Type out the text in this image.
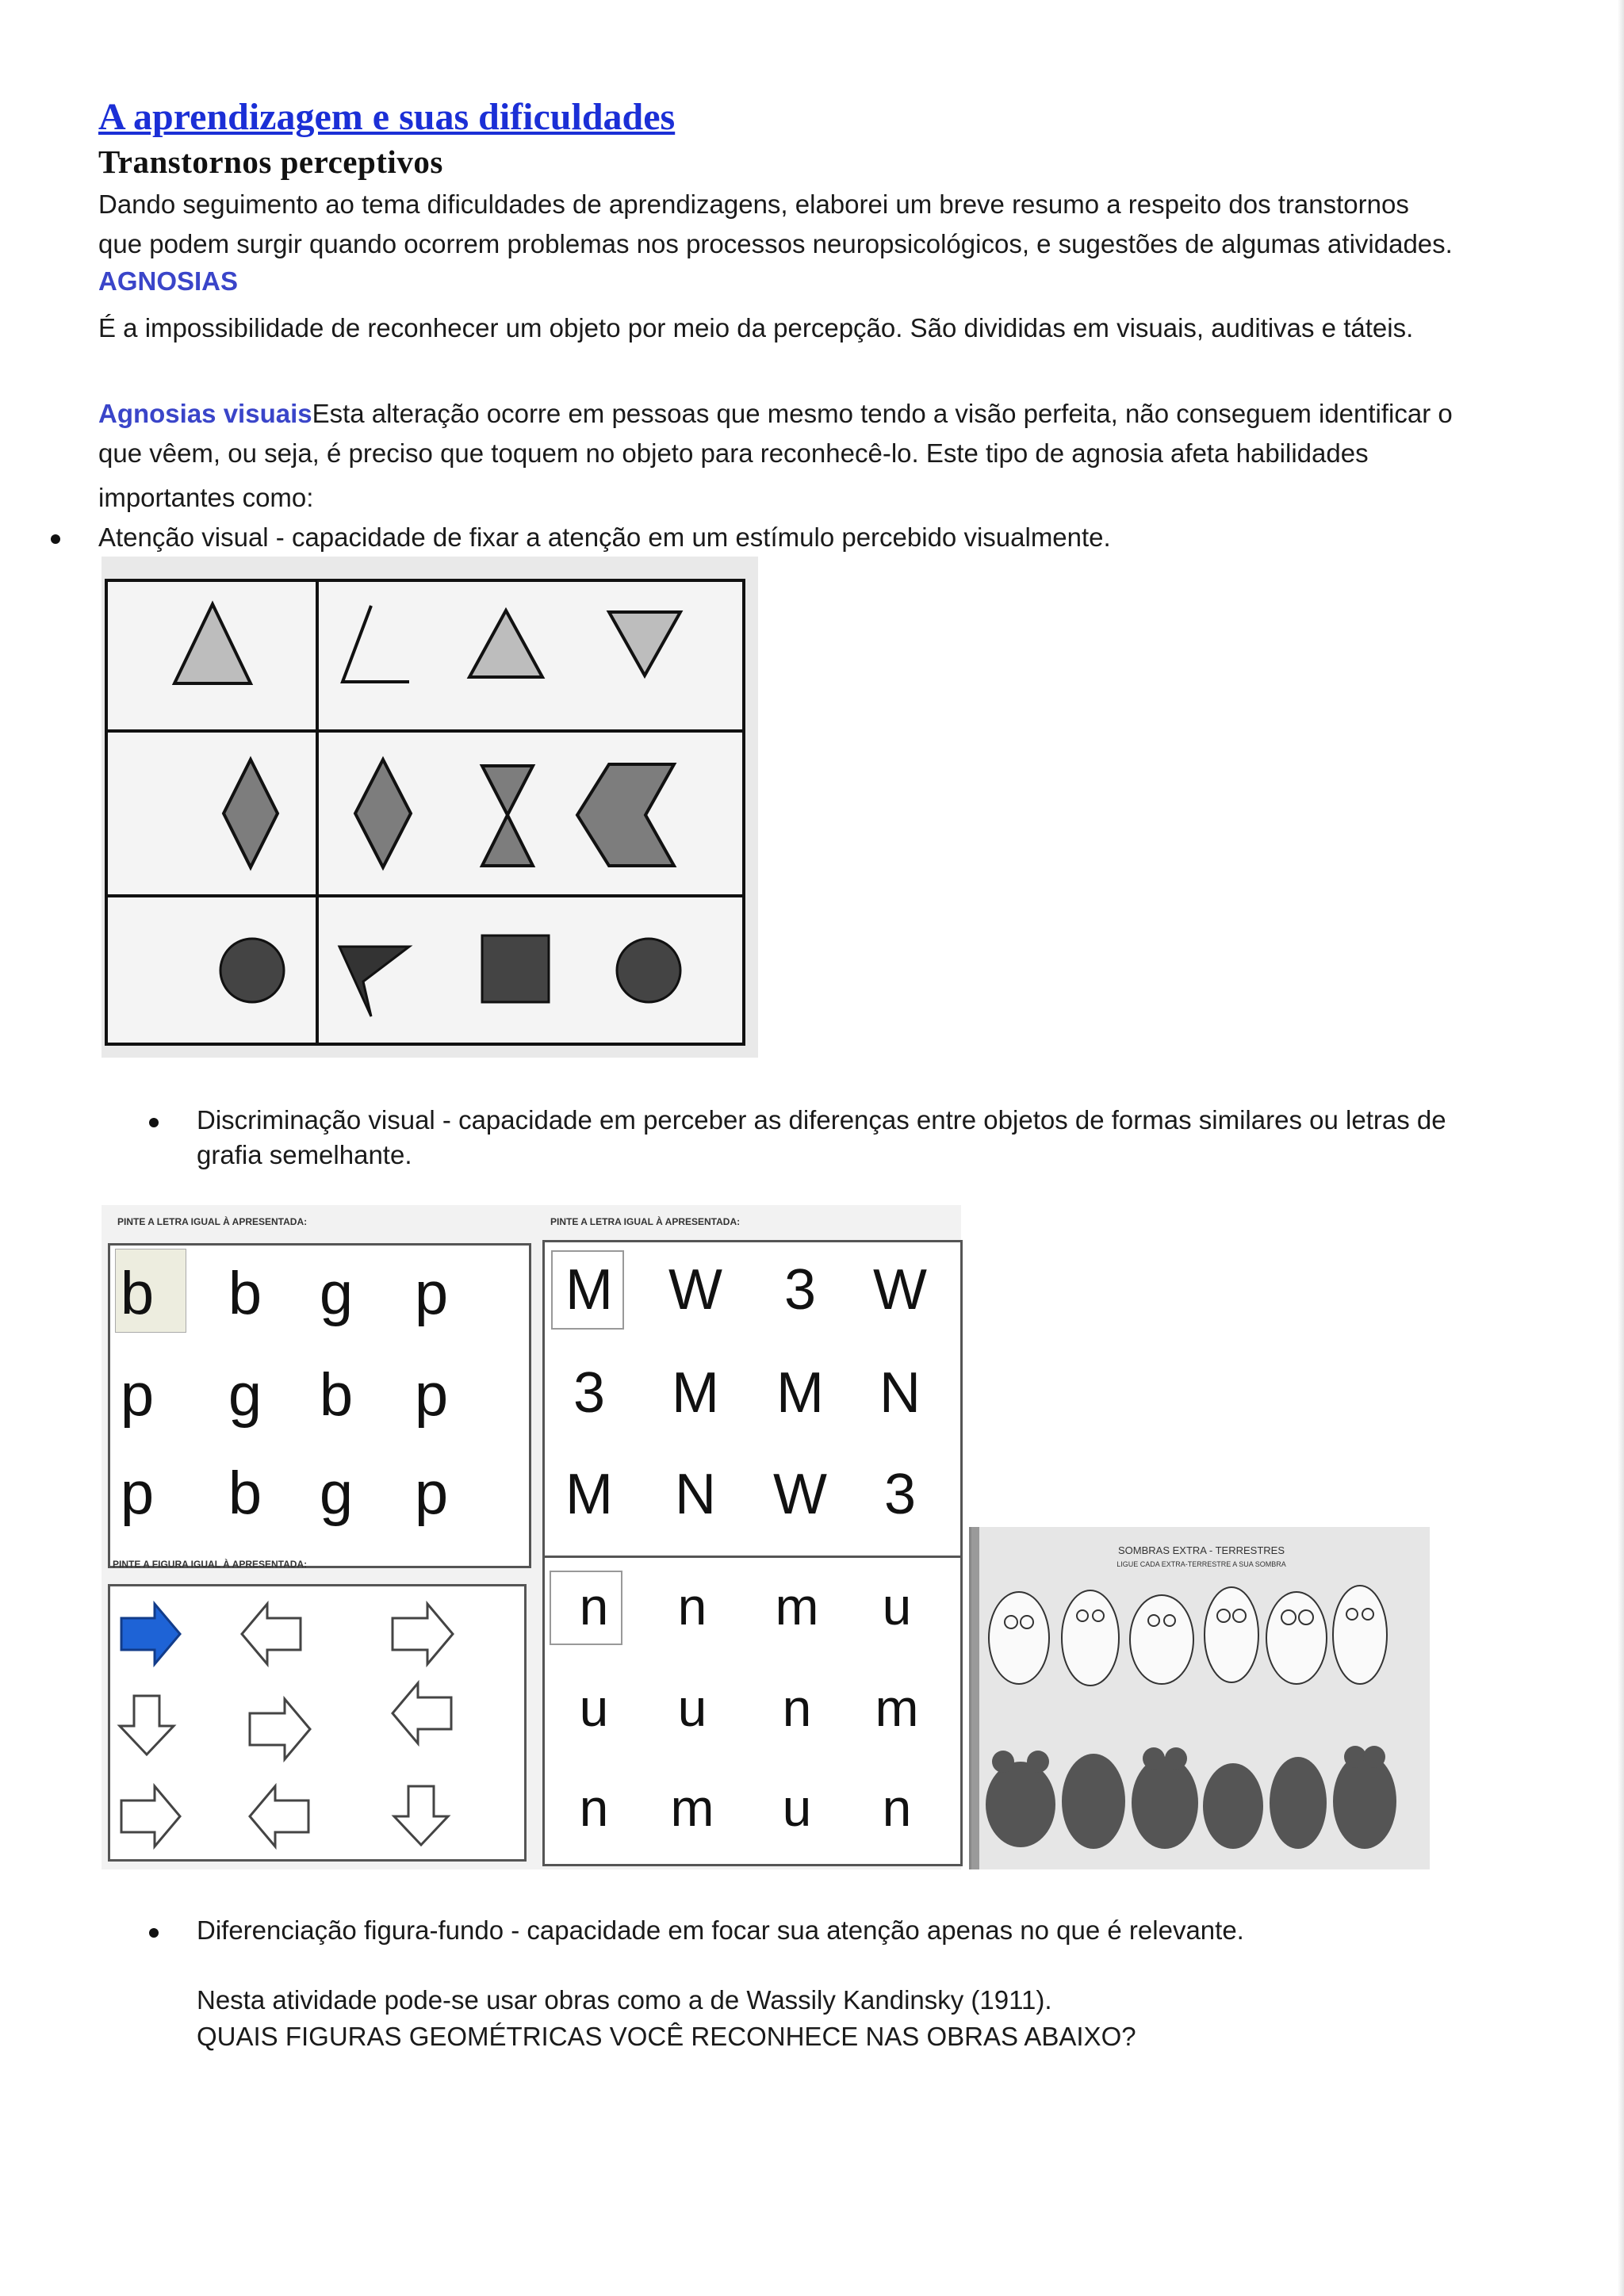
A aprendizagem e suas dificuldades
Transtornos perceptivos
Dando seguimento ao tema dificuldades de aprendizagens, elaborei um breve resumo a respeito dos transtornos
que podem surgir quando ocorrem problemas nos processos neuropsicológicos, e sugestões de algumas atividades.
AGNOSIAS
É a impossibilidade de reconhecer um objeto por meio da percepção. São divididas em visuais, auditivas e táteis.
Agnosias visuaisEsta alteração ocorre em pessoas que mesmo tendo a visão perfeita, não conseguem identificar o
que vêem, ou seja, é preciso que toquem no objeto para reconhecê-lo. Este tipo de agnosia afeta habilidades
importantes como:
Atenção visual - capacidade de fixar a atenção em um estímulo percebido visualmente.
Discriminação visual - capacidade em perceber as diferenças entre objetos de formas similares ou letras de
grafia semelhante.
PINTE A LETRA IGUAL À APRESENTADA:
b b g p
p g b p
p b g p
PINTE A LETRA IGUAL À APRESENTADA:
M W 3 W
3 M M N
M N W 3
PINTE A FIGURA IGUAL À APRESENTADA:
n n m u
u u n m
n m u n
SOMBRAS EXTRA - TERRESTRES
LIGUE CADA EXTRA-TERRESTRE A SUA SOMBRA
Diferenciação figura-fundo - capacidade em focar sua atenção apenas no que é relevante.
Nesta atividade pode-se usar obras como a de Wassily Kandinsky (1911).
QUAIS FIGURAS GEOMÉTRICAS VOCÊ RECONHECE NAS OBRAS ABAIXO?
